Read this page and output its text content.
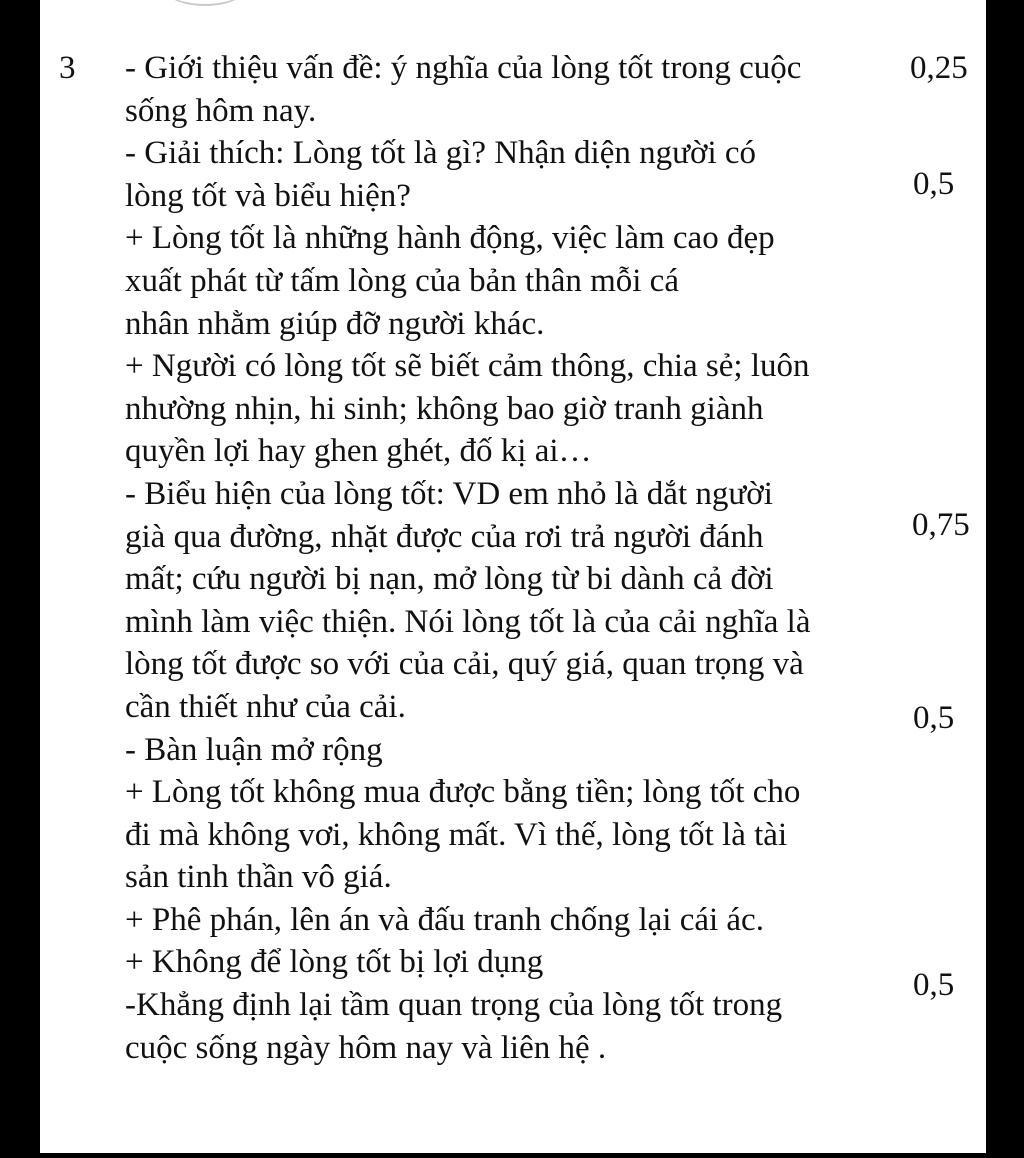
3 - Giới thiệu vấn đề: ý nghĩa của lòng tốt trong cuộc
sống hôm nay.
- Giải thích: Lòng tốt là gì? Nhận diện người có
lòng tốt và biểu hiện?
+ Lòng tốt là những hành động, việc làm cao đẹp
xuất phát từ tấm lòng của bản thân mỗi cá
nhân nhằm giúp đỡ người khác.
+ Người có lòng tốt sẽ biết cảm thông, chia sẻ; luôn
nhường nhịn, hi sinh; không bao giờ tranh giành
quyền lợi hay ghen ghét, đố kị ai…
- Biểu hiện của lòng tốt: VD em nhỏ là dắt người
già qua đường, nhặt được của rơi trả người đánh
mất; cứu người bị nạn, mở lòng từ bi dành cả đời
mình làm việc thiện. Nói lòng tốt là của cải nghĩa là
lòng tốt được so với của cải, quý giá, quan trọng và
cần thiết như của cải.
- Bàn luận mở rộng
+ Lòng tốt không mua được bằng tiền; lòng tốt cho
đi mà không vơi, không mất. Vì thế, lòng tốt là tài
sản tinh thần vô giá.
+ Phê phán, lên án và đấu tranh chống lại cái ác.
+ Không để lòng tốt bị lợi dụng
-Khẳng định lại tầm quan trọng của lòng tốt trong
cuộc sống ngày hôm nay và liên hệ .
0,25
0,5
0,75
0,5
0,5
